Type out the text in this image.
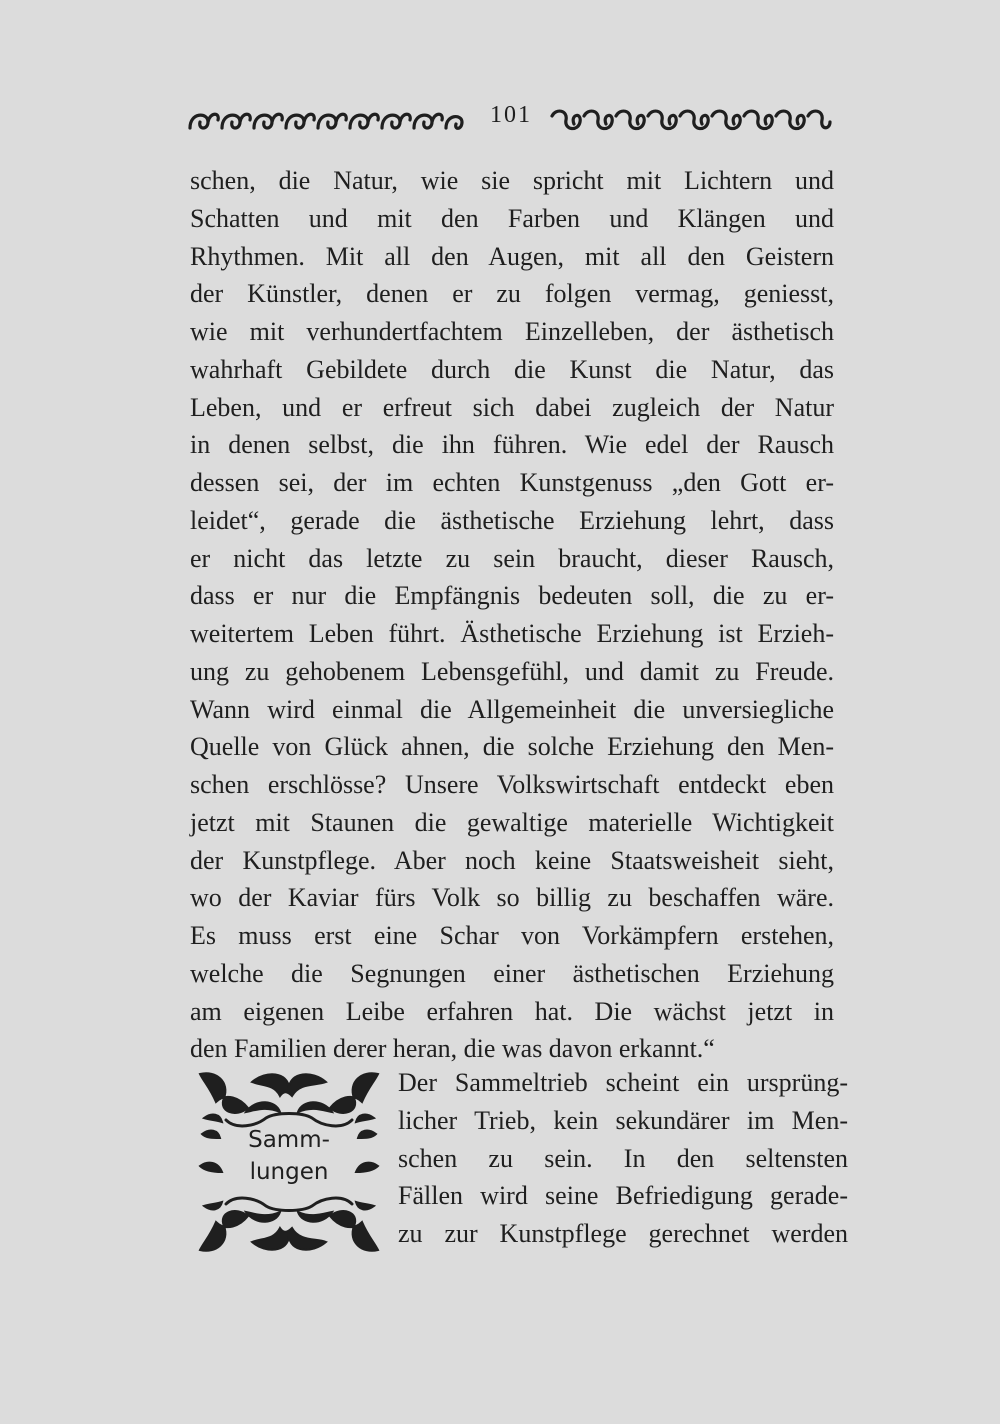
101
schen, die Natur, wie sie spricht mit Lichtern und
Schatten und mit den Farben und Klängen und
Rhythmen. Mit all den Augen, mit all den Geistern
der Künstler, denen er zu folgen vermag, geniesst,
wie mit verhundertfachtem Einzelleben, der ästhetisch
wahrhaft Gebildete durch die Kunst die Natur, das
Leben, und er erfreut sich dabei zugleich der Natur
in denen selbst, die ihn führen. Wie edel der Rausch
dessen sei, der im echten Kunstgenuss „den Gott er-
leidet“, gerade die ästhetische Erziehung lehrt, dass
er nicht das letzte zu sein braucht, dieser Rausch,
dass er nur die Empfängnis bedeuten soll, die zu er-
weitertem Leben führt. Ästhetische Erziehung ist Erzieh-
ung zu gehobenem Lebensgefühl, und damit zu Freude.
Wann wird einmal die Allgemeinheit die unversiegliche
Quelle von Glück ahnen, die solche Erziehung den Men-
schen erschlösse? Unsere Volkswirtschaft entdeckt eben
jetzt mit Staunen die gewaltige materielle Wichtigkeit
der Kunstpflege. Aber noch keine Staatsweisheit sieht,
wo der Kaviar fürs Volk so billig zu beschaffen wäre.
Es muss erst eine Schar von Vorkämpfern erstehen,
welche die Segnungen einer ästhetischen Erziehung
am eigenen Leibe erfahren hat. Die wächst jetzt in
den Familien derer heran, die was davon erkannt.“
Samm-
lungen
Der Sammeltrieb scheint ein ursprüng-
licher Trieb, kein sekundärer im Men-
schen zu sein. In den seltensten
Fällen wird seine Befriedigung gerade-
zu zur Kunstpflege gerechnet werden
